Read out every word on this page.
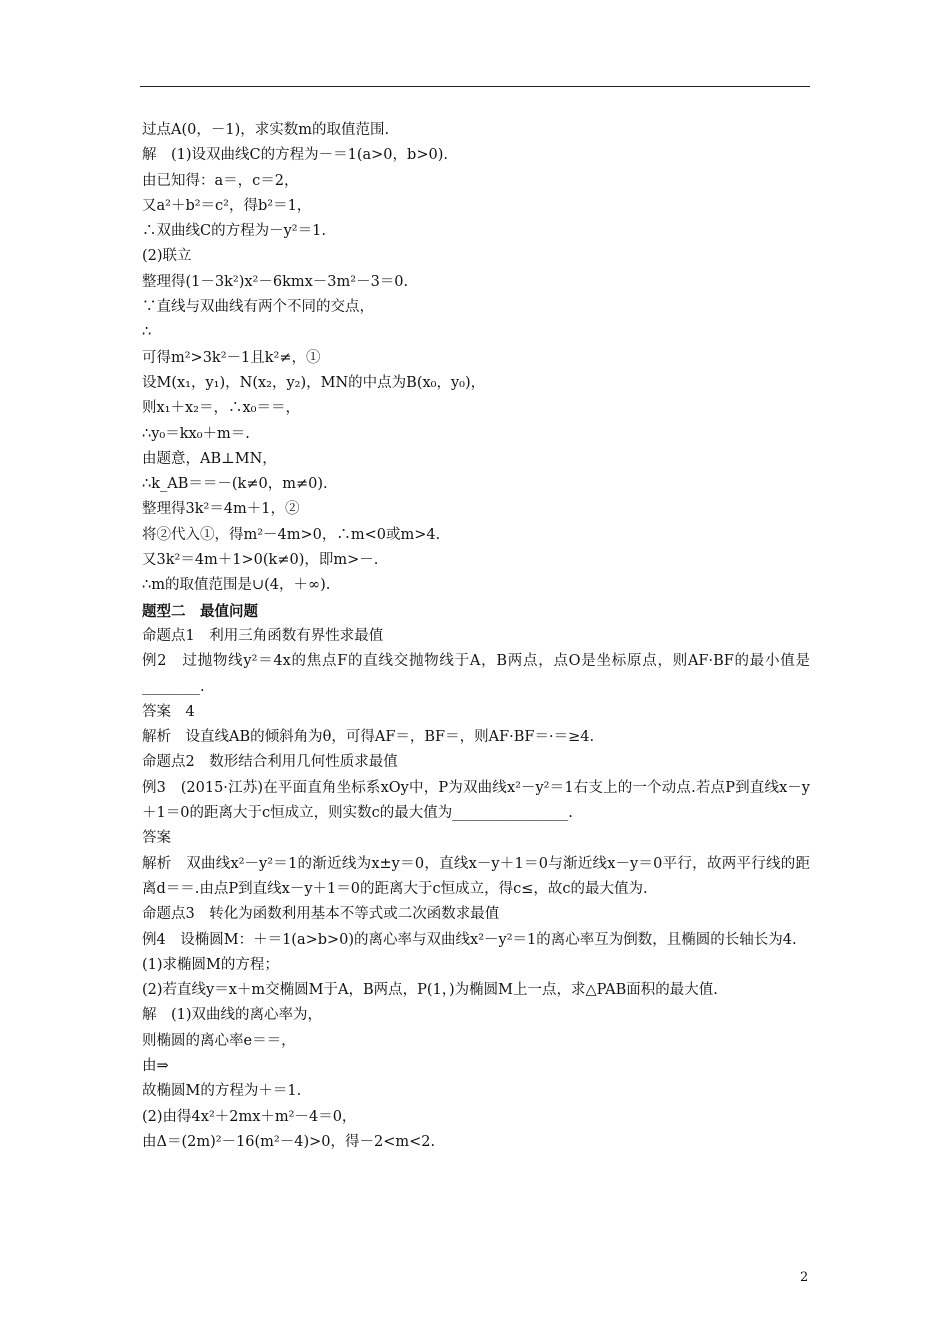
过点A(0，－1)，求实数m的取值范围.
解　(1)设双曲线C的方程为－＝1(a>0，b>0).
由已知得：a＝，c＝2，
又a²＋b²＝c²，得b²＝1，
∴双曲线C的方程为－y²＝1.
(2)联立
整理得(1－3k²)x²－6kmx－3m²－3＝0.
∵直线与双曲线有两个不同的交点，
∴
可得m²>3k²－1且k²≠，①
设M(x₁，y₁)，N(x₂，y₂)，MN的中点为B(x₀，y₀)，
则x₁＋x₂＝，∴x₀＝＝，
∴y₀＝kx₀＋m＝.
由题意，AB⊥MN，
∴k_AB＝＝－(k≠0，m≠0).
整理得3k²＝4m＋1，②
将②代入①，得m²－4m>0，∴m<0或m>4.
又3k²＝4m＋1>0(k≠0)，即m>－.
∴m的取值范围是∪(4，＋∞).
题型二　最值问题
命题点1　利用三角函数有界性求最值
例2　过抛物线y²＝4x的焦点F的直线交抛物线于A，B两点，点O是坐标原点，则AF·BF的最小值是________.
答案　4
解析　设直线AB的倾斜角为θ，可得AF＝，BF＝，则AF·BF＝·＝≥4.
命题点2　数形结合利用几何性质求最值
例3　(2015·江苏)在平面直角坐标系xOy中，P为双曲线x²－y²＝1右支上的一个动点.若点P到直线x－y＋1＝0的距离大于c恒成立，则实数c的最大值为________________.
答案
解析　双曲线x²－y²＝1的渐近线为x±y＝0，直线x－y＋1＝0与渐近线x－y＝0平行，故两平行线的距离d＝＝.由点P到直线x－y＋1＝0的距离大于c恒成立，得c≤，故c的最大值为.
命题点3　转化为函数利用基本不等式或二次函数求最值
例4　设椭圆M：＋＝1(a>b>0)的离心率与双曲线x²－y²＝1的离心率互为倒数，且椭圆的长轴长为4.
(1)求椭圆M的方程；
(2)若直线y＝x＋m交椭圆M于A，B两点，P(1，)为椭圆M上一点，求△PAB面积的最大值.
解　(1)双曲线的离心率为，
则椭圆的离心率e＝＝，
由⇒
故椭圆M的方程为＋＝1.
(2)由得4x²＋2mx＋m²－4＝0，
由Δ＝(2m)²－16(m²－4)>0，得－2<m<2.
2
